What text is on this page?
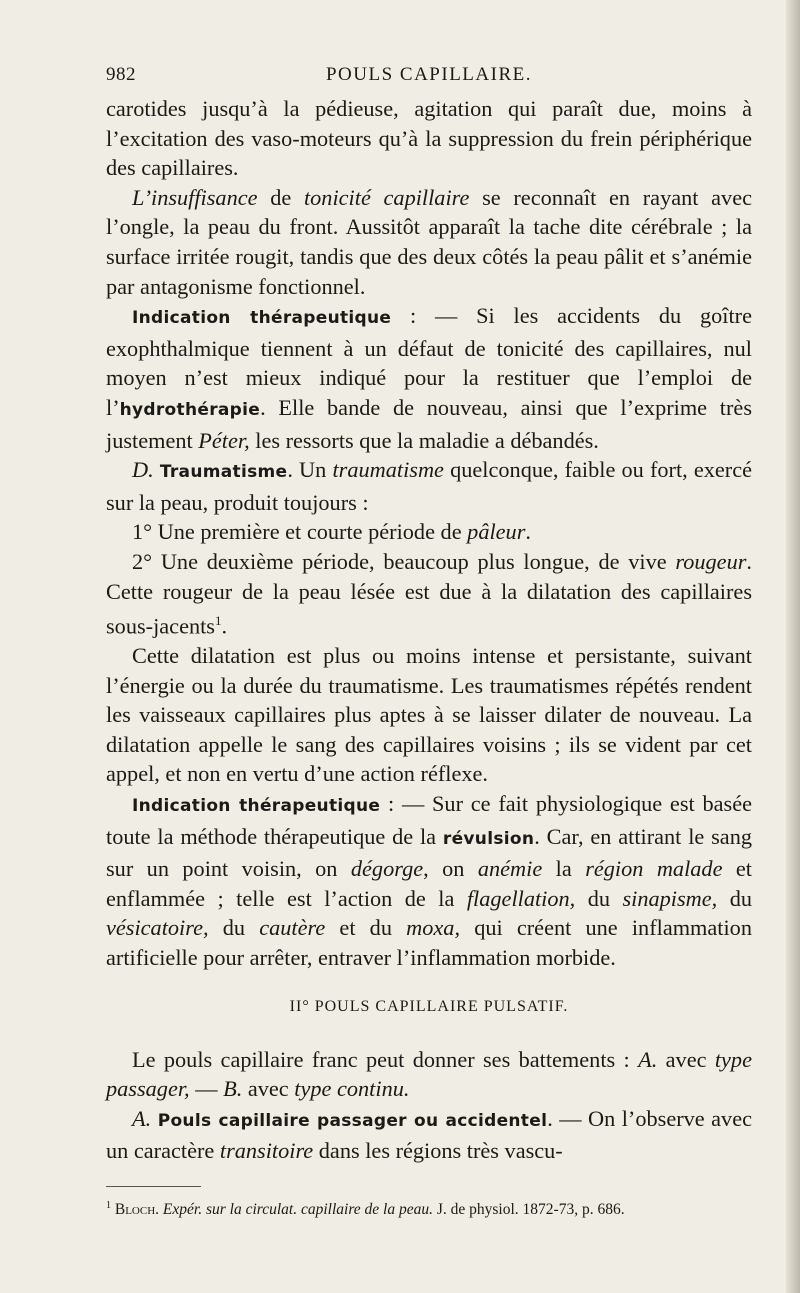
982	POULS CAPILLAIRE.

carotides jusqu’à la pédieuse, agitation qui paraît due, moins à l’excitation des vaso-moteurs qu’à la suppression du frein périphérique des capillaires.

L’insuffisance de tonicité capillaire se reconnaît en rayant avec l’ongle, la peau du front. Aussitôt apparaît la tache dite cérébrale ; la surface irritée rougit, tandis que des deux côtés la peau pâlit et s’anémie par antagonisme fonctionnel.

Indication thérapeutique : — Si les accidents du goître exophthalmique tiennent à un défaut de tonicité des capillaires, nul moyen n’est mieux indiqué pour la restituer que l’emploi de l’hydrothérapie. Elle bande de nouveau, ainsi que l’exprime très justement Péter, les ressorts que la maladie a débandés.

D. Traumatisme. Un traumatisme quelconque, faible ou fort, exercé sur la peau, produit toujours :

1° Une première et courte période de pâleur.

2° Une deuxième période, beaucoup plus longue, de vive rougeur. Cette rougeur de la peau lésée est due à la dilatation des capillaires sous-jacents$^1$.

Cette dilatation est plus ou moins intense et persistante, suivant l’énergie ou la durée du traumatisme. Les traumatismes répétés rendent les vaisseaux capillaires plus aptes à se laisser dilater de nouveau. La dilatation appelle le sang des capillaires voisins ; ils se vident par cet appel, et non en vertu d’une action réflexe.

Indication thérapeutique : — Sur ce fait physiologique est basée toute la méthode thérapeutique de la révulsion. Car, en attirant le sang sur un point voisin, on dégorge, on anémie la région malade et enflammée ; telle est l’action de la flagellation, du sinapisme, du vésicatoire, du cautère et du moxa, qui créent une inflammation artificielle pour arrêter, entraver l’inflammation morbide.

II° POULS CAPILLAIRE PULSATIF.

Le pouls capillaire franc peut donner ses battements : A. avec type passager, — B. avec type continu.

A. Pouls capillaire passager ou accidentel. — On l’observe avec un caractère transitoire dans les régions très vascu-

$^1$ Bloch. Expér. sur la circulat. capillaire de la peau. J. de physiol. 1872-73, p. 686.
